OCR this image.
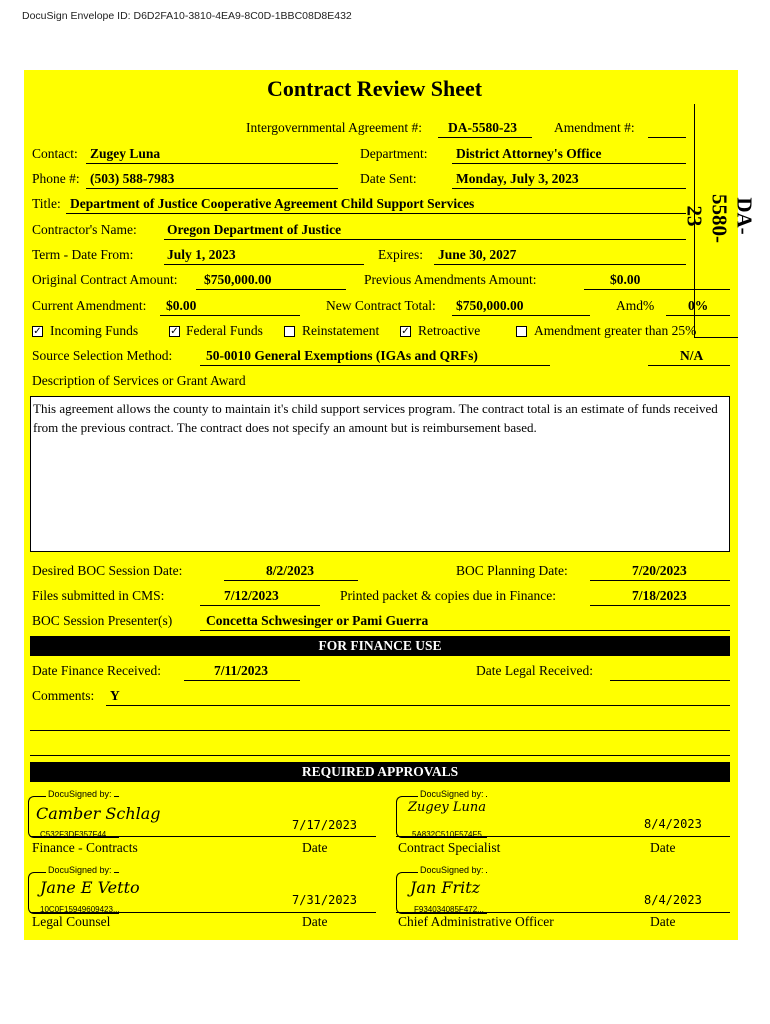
DocuSign Envelope ID: D6D2FA10-3810-4EA9-8C0D-1BBC08D8E432
Contract Review Sheet
DA-5580-23
Intergovernmental Agreement #: DA-5580-23	Amendment #:
Contact: Zugey Luna	Department: District Attorney's Office
Phone #: (503) 588-7983	Date Sent:	Monday, July 3, 2023
Title: Department of Justice Cooperative Agreement Child Support Services
Contractor's Name: Oregon Department of Justice
Term - Date From: July 1, 2023	Expires: June 30, 2027
Original Contract Amount: $750,000.00	Previous Amendments Amount:	$0.00
Current Amendment: $0.00	New Contract Total: $750,000.00	Amd%	0%
✓ Incoming Funds	✓ Federal Funds	Reinstatement ✓ Retroactive	Amendment greater than 25%
Source Selection Method:	50-0010 General Exemptions (IGAs and QRFs)	N/A
Description of Services or Grant Award
This agreement allows the county to maintain it's child support services program. The contract total is an estimate of funds received from the previous contract. The contract does not specify an amount but is reimbursement based.
Desired BOC Session Date:	8/2/2023	BOC Planning Date:	7/20/2023
Files submitted in CMS:	7/12/2023	Printed packet & copies due in Finance:	7/18/2023
BOC Session Presenter(s)	Concetta Schwesinger or Pami Guerra
FOR FINANCE USE
Date Finance Received:	7/11/2023	Date Legal Received:
Comments: Y
REQUIRED APPROVALS
DocuSigned by:
Camber Schlag
C532F3DF357F44...
7/17/2023
Finance - Contracts	Date
DocuSigned by:
Zugey Luna
5A832C510F574F5...
8/4/2023
Contract Specialist	Date
DocuSigned by:
Jane E Vetto
10C0F15949609423...
7/31/2023
Legal Counsel	Date
DocuSigned by:
Jan Fritz
F934034085F472...
8/4/2023
Chief Administrative Officer	Date
